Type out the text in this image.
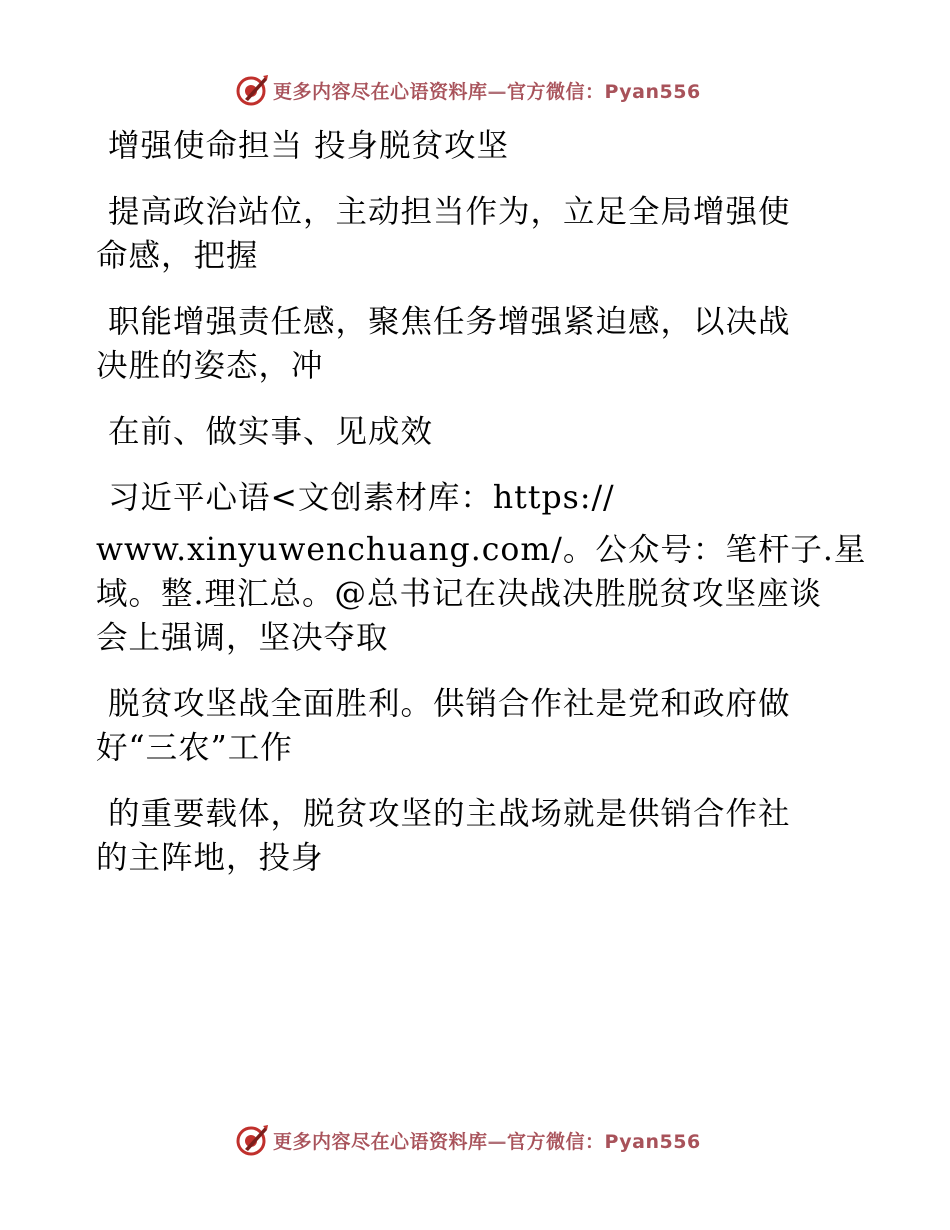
更多内容尽在心语资料库—官方微信：Pyan556
增强使命担当 投身脱贫攻坚
提高政治站位，主动担当作为，立足全局增强使
命感，把握
职能增强责任感，聚焦任务增强紧迫感，以决战
决胜的姿态，冲
在前、做实事、见成效
习近平心语<文创素材库：https://
www.xinyuwenchuang.com/。公众号：笔杆子.星
域。整.理汇总。@总书记在决战决胜脱贫攻坚座谈
会上强调，坚决夺取
脱贫攻坚战全面胜利。供销合作社是党和政府做
好“三农”工作
的重要载体，脱贫攻坚的主战场就是供销合作社
的主阵地，投身
更多内容尽在心语资料库—官方微信：Pyan556
